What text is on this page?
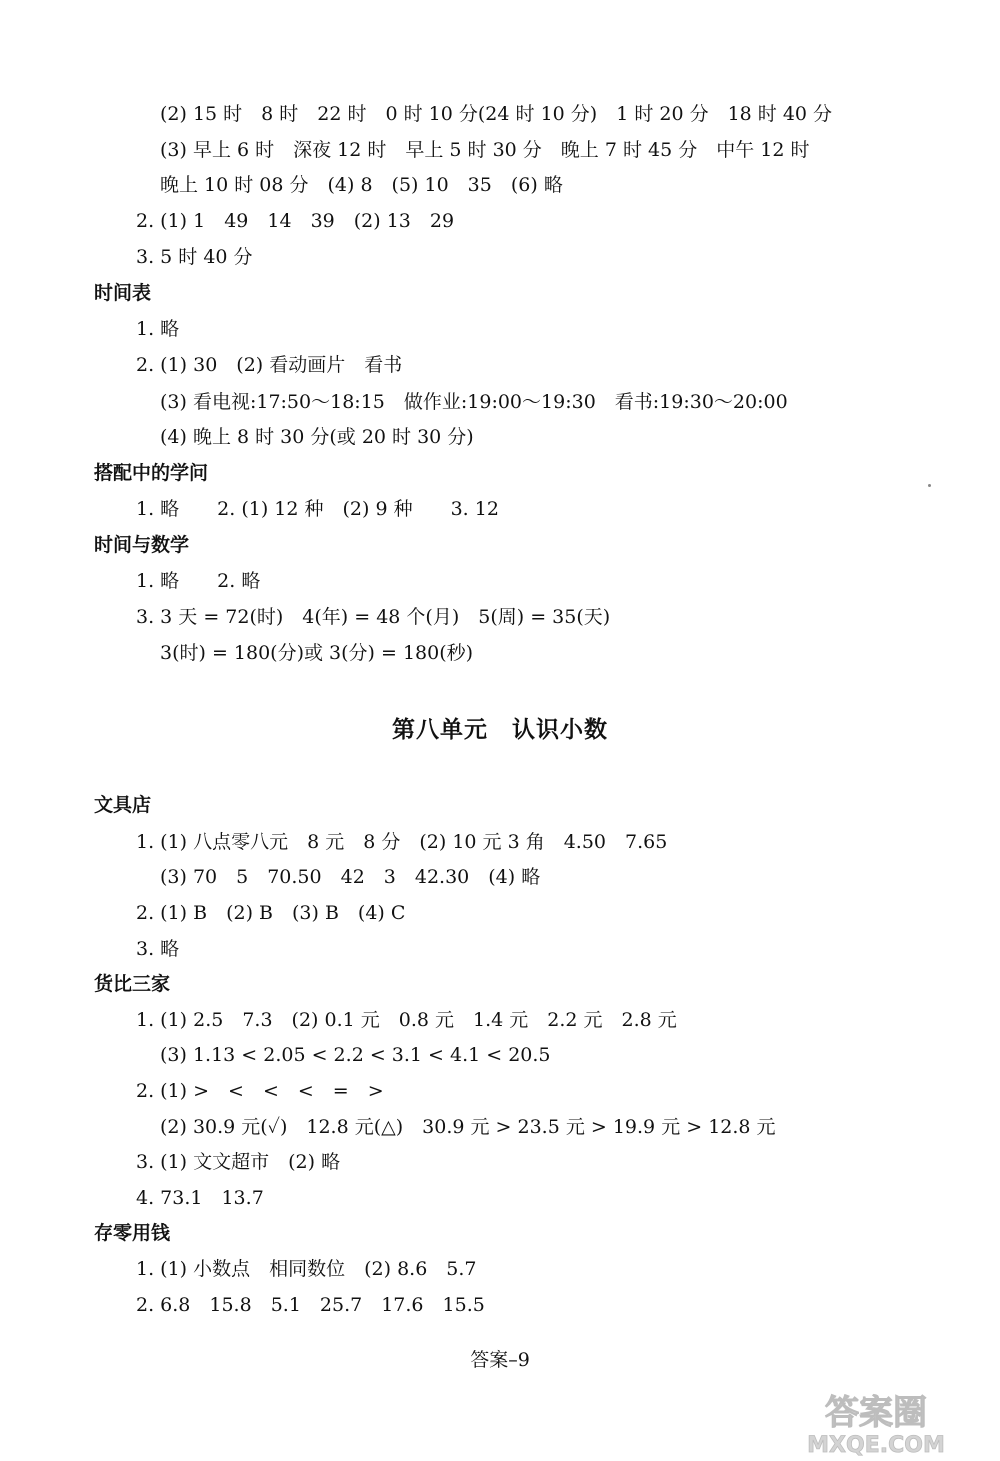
(2) 15 时　8 时　22 时　0 时 10 分(24 时 10 分)　1 时 20 分　18 时 40 分
(3) 早上 6 时　深夜 12 时　早上 5 时 30 分　晚上 7 时 45 分　中午 12 时
晚上 10 时 08 分　(4) 8　(5) 10　35　(6) 略
2. (1) 1　49　14　39　(2) 13　29
3. 5 时 40 分
时间表
1. 略
2. (1) 30　(2) 看动画片　看书
(3) 看电视:17:50～18:15　做作业:19:00～19:30　看书:19:30～20:00
(4) 晚上 8 时 30 分(或 20 时 30 分)
搭配中的学问
1. 略　　2. (1) 12 种　(2) 9 种　　3. 12
时间与数学
1. 略　　2. 略
3. 3 天 = 72(时)　4(年) = 48 个(月)　5(周) = 35(天)
3(时) = 180(分)或 3(分) = 180(秒)
第八单元　认识小数
文具店
1. (1) 八点零八元　8 元　8 分　(2) 10 元 3 角　4.50　7.65
(3) 70　5　70.50　42　3　42.30　(4) 略
2. (1) B　(2) B　(3) B　(4) C
3. 略
货比三家
1. (1) 2.5　7.3　(2) 0.1 元　0.8 元　1.4 元　2.2 元　2.8 元
(3) 1.13 < 2.05 < 2.2 < 3.1 < 4.1 < 20.5
2. (1) >　<　<　<　=　>
(2) 30.9 元(✓)　12.8 元(△)　30.9 元 > 23.5 元 > 19.9 元 > 12.8 元
3. (1) 文文超市　(2) 略
4. 73.1　13.7
存零用钱
1. (1) 小数点　相同数位　(2) 8.6　5.7
2. 6.8　15.8　5.1　25.7　17.6　15.5
答案–9
答案圈
MXQE.COM
